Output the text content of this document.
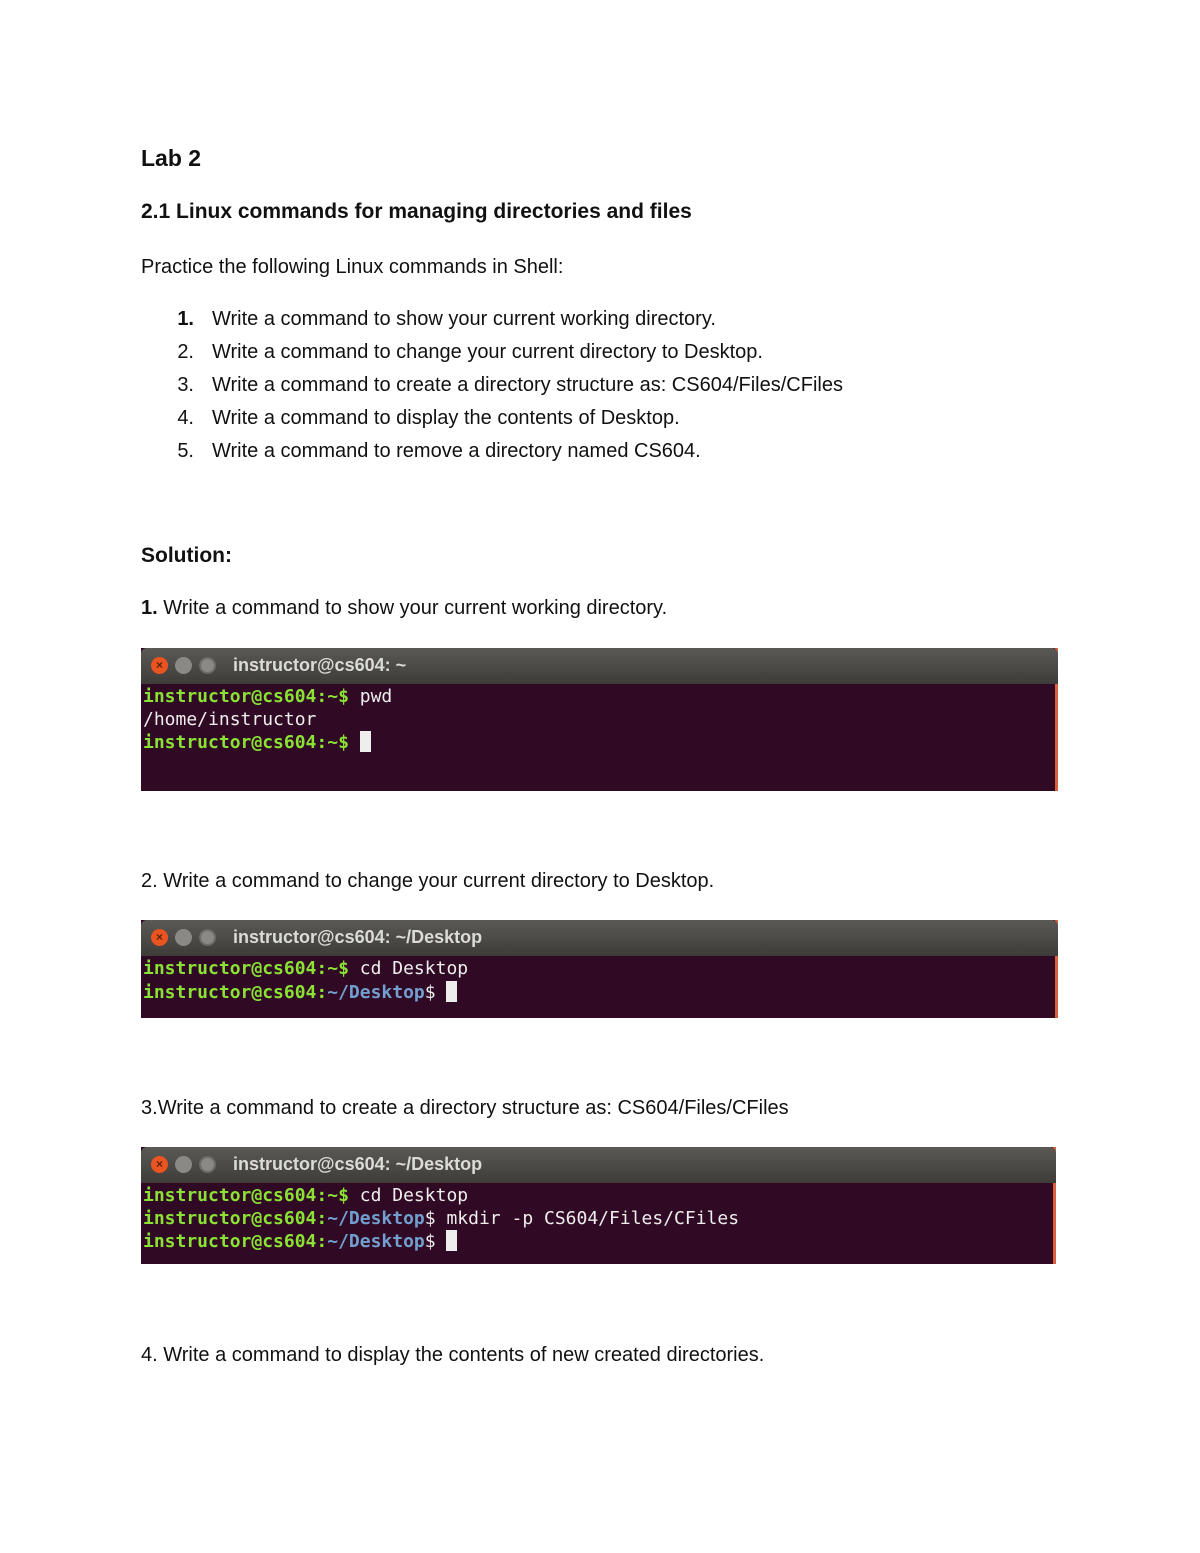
Lab 2
2.1 Linux commands for managing directories and files

Practice the following Linux commands in Shell:

1. Write a command to show your current working directory.
2. Write a command to change your current directory to Desktop.
3. Write a command to create a directory structure as: CS604/Files/CFiles
4. Write a command to display the contents of Desktop.
5. Write a command to remove a directory named CS604.
Solution:

1. Write a command to show your current working directory.

×	instructor@cs604: ~
instructor@cs604:~$ pwd
/home/instructor
instructor@cs604:~$

2. Write a command to change your current directory to Desktop.

×	instructor@cs604: ~/Desktop
instructor@cs604:~$ cd Desktop
instructor@cs604:~/Desktop$

3.Write a command to create a directory structure as: CS604/Files/CFiles

×	instructor@cs604: ~/Desktop
instructor@cs604:~$ cd Desktop
instructor@cs604:~/Desktop$ mkdir -p CS604/Files/CFiles
instructor@cs604:~/Desktop$

4. Write a command to display the contents of new created directories.
